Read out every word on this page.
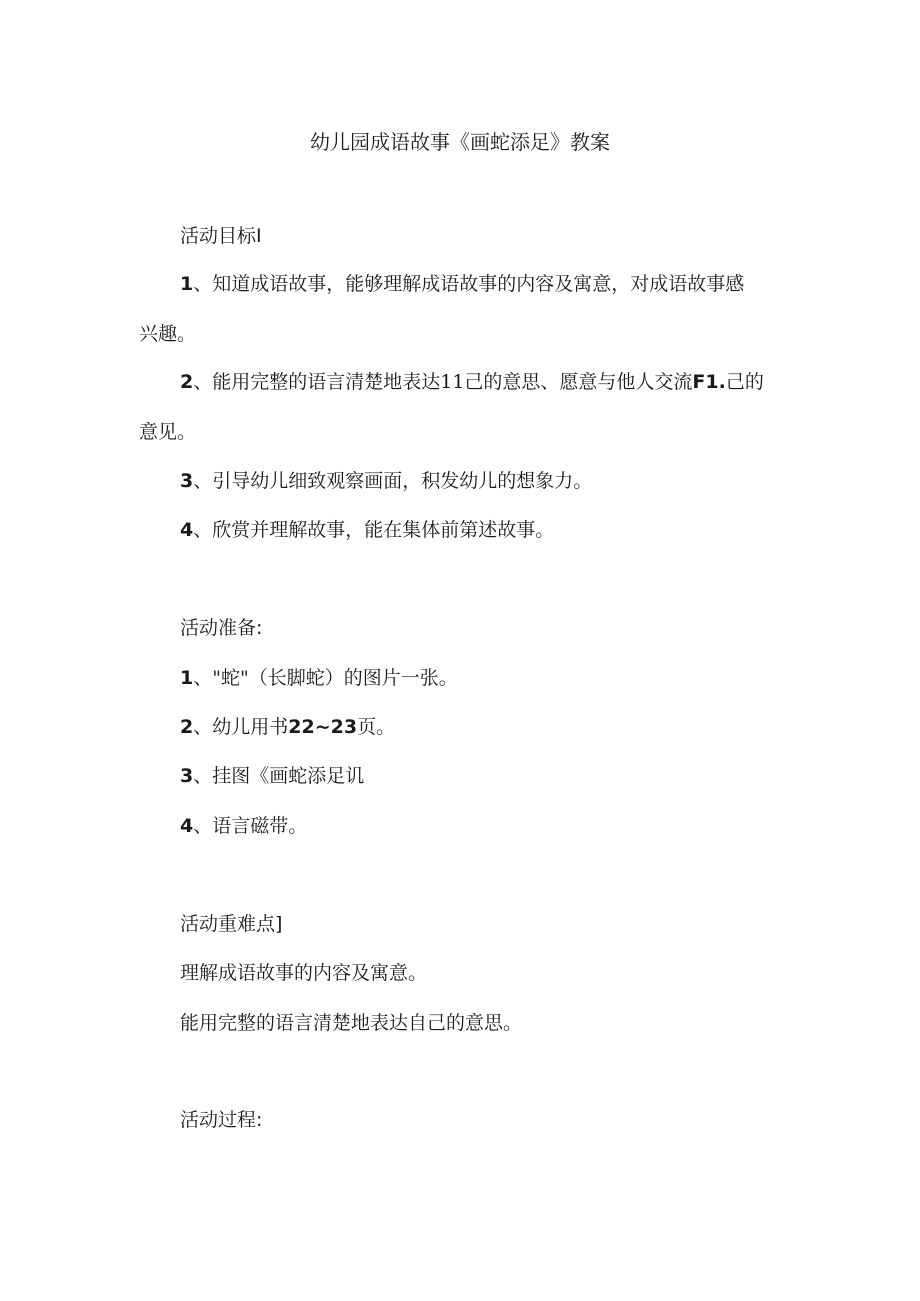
幼儿园成语故事《画蛇添足》教案
活动目标I
1、知道成语故事，能够理解成语故事的内容及寓意，对成语故事感
兴趣。
2、能用完整的语言清楚地表达11己的意思、愿意与他人交流F1.己的
意见。
3、引导幼儿细致观察画面，积发幼儿的想象力。
4、欣赏并理解故事，能在集体前第述故事。
活动准备:
1、"蛇"（长脚蛇）的图片一张。
2、幼儿用书22~23页。
3、挂图《画蛇添足讥
4、语言磁带。
活动重难点]
理解成语故事的内容及寓意。
能用完整的语言清楚地表达自己的意思。
活动过程:
